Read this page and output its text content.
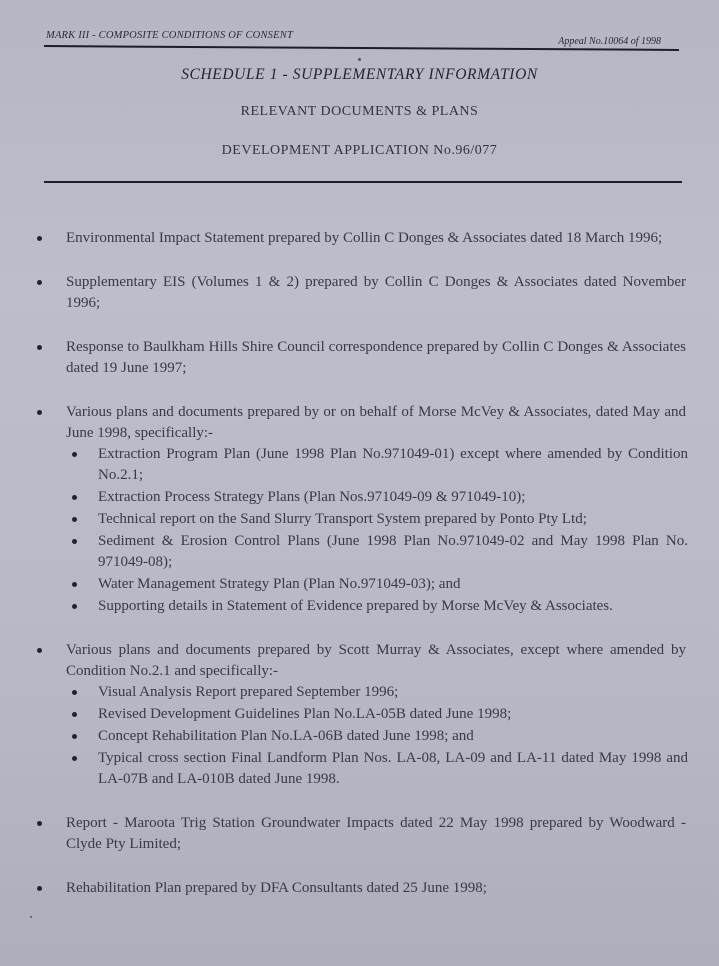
MARK III - COMPOSITE CONDITIONS OF CONSENT
Appeal No.10064 of 1998
SCHEDULE 1 - SUPPLEMENTARY INFORMATION
RELEVANT DOCUMENTS & PLANS
DEVELOPMENT APPLICATION No.96/077
Environmental Impact Statement prepared by Collin C Donges & Associates dated 18 March 1996;
Supplementary EIS (Volumes 1 & 2) prepared by Collin C Donges & Associates dated November 1996;
Response to Baulkham Hills Shire Council correspondence prepared by Collin C Donges & Associates dated 19 June 1997;
Various plans and documents prepared by or on behalf of Morse McVey & Associates, dated May and June 1998, specifically:-
Extraction Program Plan (June 1998 Plan No.971049-01) except where amended by Condition No.2.1;
Extraction Process Strategy Plans (Plan Nos.971049-09 & 971049-10);
Technical report on the Sand Slurry Transport System prepared by Ponto Pty Ltd;
Sediment & Erosion Control Plans (June 1998 Plan No.971049-02 and May 1998 Plan No. 971049-08);
Water Management Strategy Plan (Plan No.971049-03); and
Supporting details in Statement of Evidence prepared by Morse McVey & Associates.
Various plans and documents prepared by Scott Murray & Associates, except where amended by Condition No.2.1 and specifically:-
Visual Analysis Report prepared September 1996;
Revised Development Guidelines Plan No.LA-05B dated June 1998;
Concept Rehabilitation Plan No.LA-06B dated June 1998; and
Typical cross section Final Landform Plan Nos. LA-08, LA-09 and LA-11 dated May 1998 and LA-07B and LA-010B dated June 1998.
Report - Maroota Trig Station Groundwater Impacts dated 22 May 1998 prepared by Woodward - Clyde Pty Limited;
Rehabilitation Plan prepared by DFA Consultants dated 25 June 1998;
